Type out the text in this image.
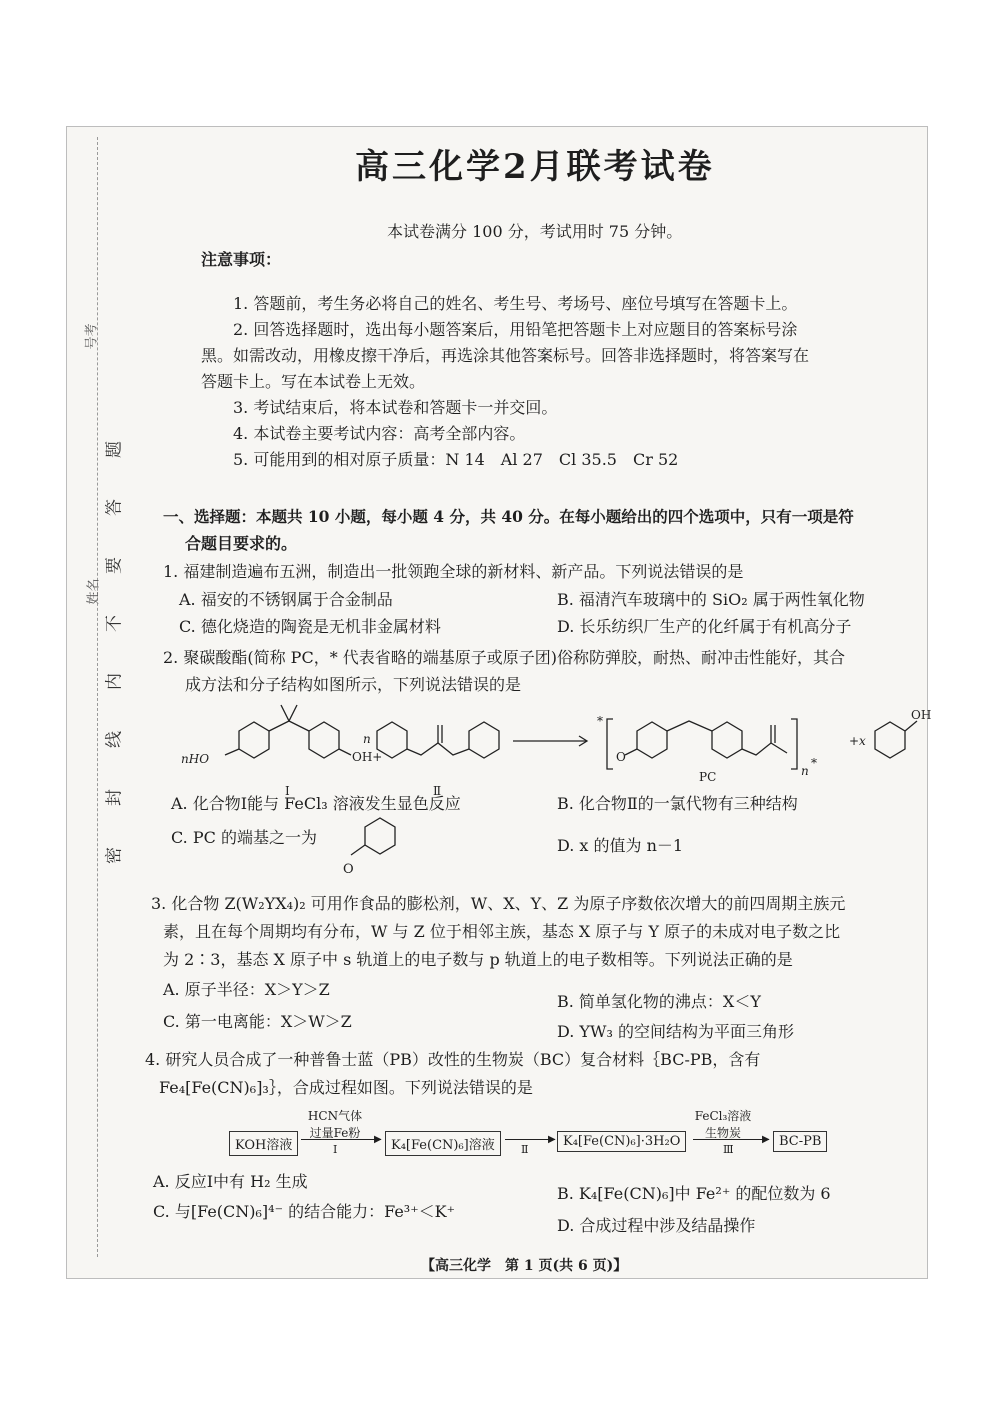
号考
姓名
题
答
要
不
内
线
封
密
高三化学2月联考试卷
本试卷满分 100 分，考试用时 75 分钟。
注意事项：
1. 答题前，考生务必将自己的姓名、考生号、考场号、座位号填写在答题卡上。
2. 回答选择题时，选出每小题答案后，用铅笔把答题卡上对应题目的答案标号涂
黑。如需改动，用橡皮擦干净后，再选涂其他答案标号。回答非选择题时，将答案写在
答题卡上。写在本试卷上无效。
3. 考试结束后，将本试卷和答题卡一并交回。
4. 本试卷主要考试内容：高考全部内容。
5. 可能用到的相对原子质量：N 14　Al 27　Cl 35.5　Cr 52
一、选择题：本题共 10 小题，每小题 4 分，共 40 分。在每小题给出的四个选项中，只有一项是符
合题目要求的。
1. 福建制造遍布五洲，制造出一批领跑全球的新材料、新产品。下列说法错误的是
A. 福安的不锈钢属于合金制品	B. 福清汽车玻璃中的 SiO₂ 属于两性氧化物
C. 德化烧造的陶瓷是无机非金属材料	D. 长乐纺织厂生产的化纤属于有机高分子
2. 聚碳酸酯(简称 PC，* 代表省略的端基原子或原子团)俗称防弹胶，耐热、耐冲击性能好，其合
成方法和分子结构如图所示，下列说法错误的是
nHO	OH+
n
Ⅰ	Ⅱ
*
O
n
*
PC
+x
OH
A. 化合物Ⅰ能与 FeCl₃ 溶液发生显色反应	B. 化合物Ⅱ的一氯代物有三种结构
C. PC 的端基之一为
O
D. x 的值为 n－1
3. 化合物 Z(W₂YX₄)₂ 可用作食品的膨松剂，W、X、Y、Z 为原子序数依次增大的前四周期主族元
素，且在每个周期均有分布，W 与 Z 位于相邻主族，基态 X 原子与 Y 原子的未成对电子数之比
为 2∶3，基态 X 原子中 s 轨道上的电子数与 p 轨道上的电子数相等。下列说法正确的是
A. 原子半径：X＞Y＞Z
B. 简单氢化物的沸点：X＜Y
C. 第一电离能：X＞W＞Z
D. YW₃ 的空间结构为平面三角形
4. 研究人员合成了一种普鲁士蓝（PB）改性的生物炭（BC）复合材料｛BC-PB，含有
Fe₄[Fe(CN)₆]₃｝，合成过程如图。下列说法错误的是
KOH溶液
HCN气体
过量Fe粉	▶
Ⅰ	K₄[Fe(CN)₆]溶液	▶
Ⅱ
K₄[Fe(CN)₆]·3H₂O
FeCl₃溶液
生物炭	▶
Ⅲ
BC-PB
A. 反应Ⅰ中有 H₂ 生成
B. K₄[Fe(CN)₆]中 Fe²⁺ 的配位数为 6
C. 与[Fe(CN)₆]⁴⁻ 的结合能力：Fe³⁺＜K⁺
D. 合成过程中涉及结晶操作
【高三化学　第 1 页(共 6 页)】
